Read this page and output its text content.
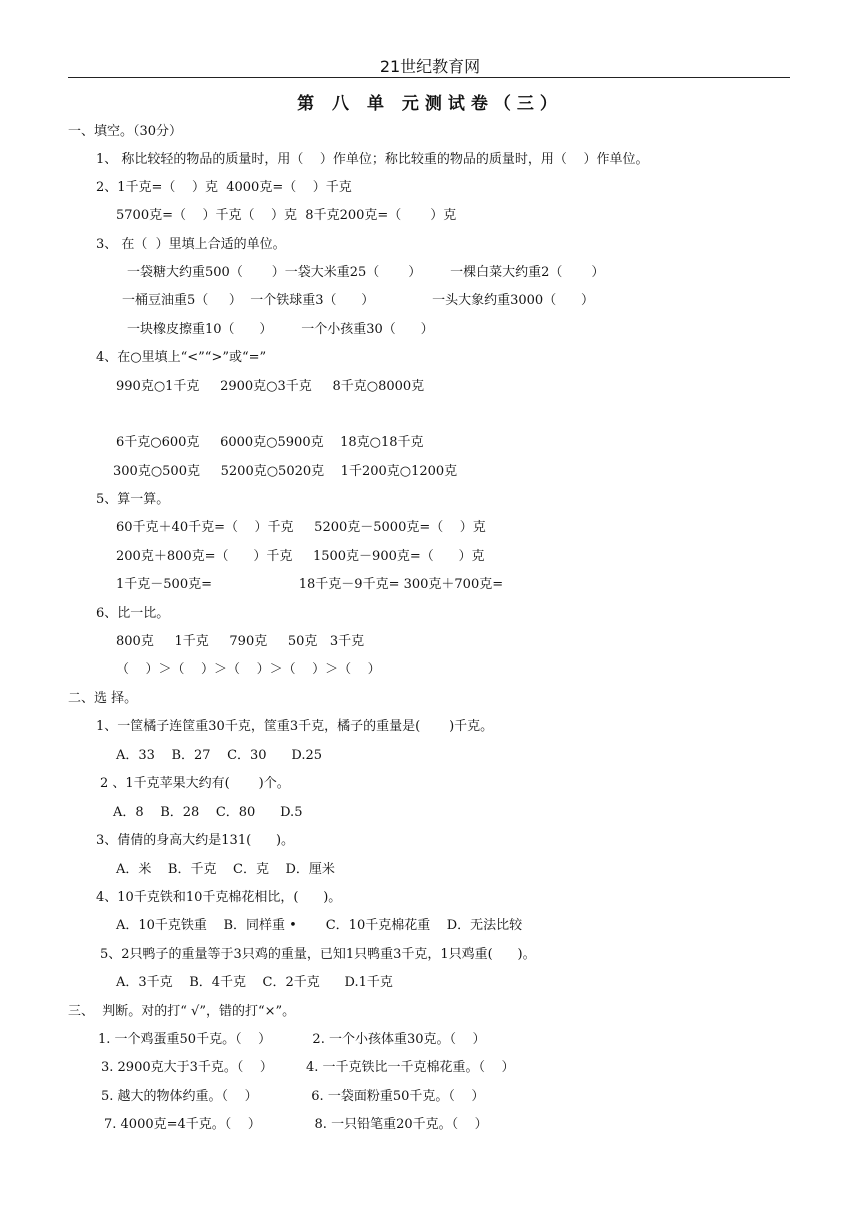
21世纪教育网
第 八 单 元测试卷（三）
一、填空。（30分）
1、 称比较轻的物品的质量时，用（    ）作单位；称比较重的物品的质量时，用（    ）作单位。
2、1千克=（    ）克  4000克=（    ）千克
5700克=（    ）千克（    ）克  8千克200克=（       ）克
3、 在（  ）里填上合适的单位。
一袋糖大约重500（       ）一袋大米重25（       ）       一棵白菜大约重2（       ）
一桶豆油重5（     ）  一个铁球重3（      ）              一头大象约重3000（      ）
一块橡皮擦重10（      ）       一个小孩重30（      ）
4、在○里填上“<”“>”或“=”
990克○1千克     2900克○3千克     8千克○8000克
6千克○600克     6000克○5900克    18克○18千克
300克○500克     5200克○5020克    1千200克○1200克
5、算一算。
60千克＋40千克=（    ）千克     5200克－5000克=（    ）克
200克＋800克=（      ）千克     1500克－900克=（      ）克
1千克－500克=                     18千克－9千克= 300克＋700克=
6、比一比。
800克     1千克     790克     50克   3千克
（    ）＞（    ）＞（    ）＞（    ）＞（    ）
二、选 择。
1、一筐橘子连筐重30千克，筐重3千克，橘子的重量是(       )千克。
A．33    B．27    C．30      D.25
2 、1千克苹果大约有(       )个。
A．8    B．28    C．80      D.5
3、倩倩的身高大约是131(      )。
A．米    B．千克    C．克    D．厘米
4、10千克铁和10千克棉花相比，(      )。
A．10千克铁重    B．同样重 •       C．10千克棉花重    D．无法比较
5、2只鸭子的重量等于3只鸡的重量，已知1只鸭重3千克，1只鸡重(      )。
A．3千克    B．4千克    C．2千克      D.1千克
三、  判断。对的打“ √”，错的打“×”。
1. 一个鸡蛋重50千克。（    ）          2. 一个小孩体重30克。（    ）
3. 2900克大于3千克。（    ）        4. 一千克铁比一千克棉花重。（    ）
5. 越大的物体约重。（    ）             6. 一袋面粉重50千克。（    ）
7. 4000克=4千克。（    ）             8. 一只铅笔重20千克。（    ）
